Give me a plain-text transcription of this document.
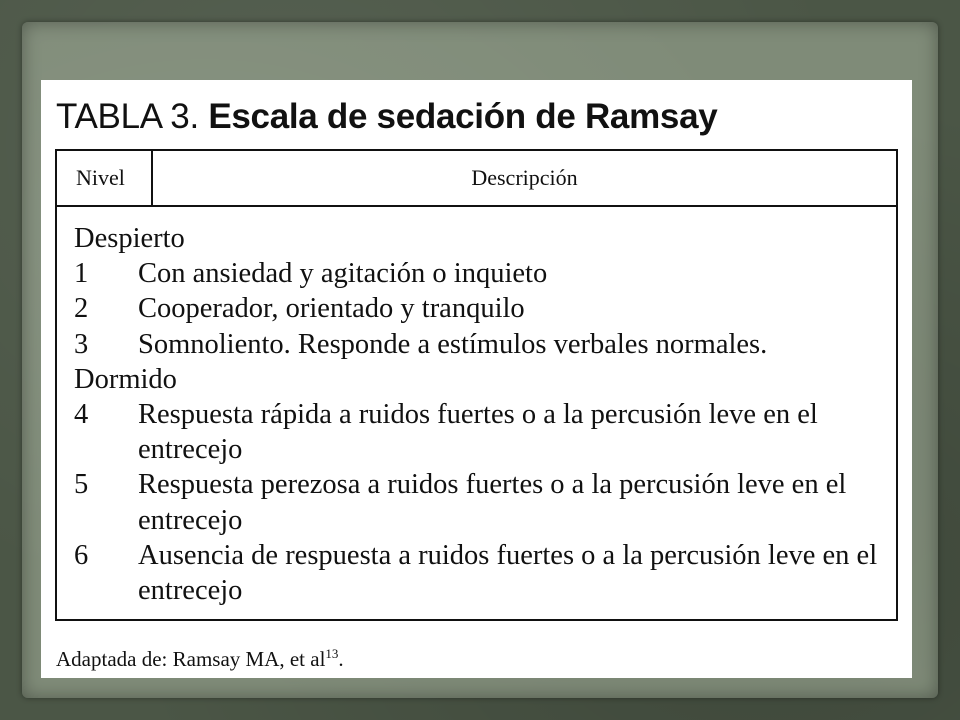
TABLA 3. Escala de sedación de Ramsay
Nivel	Descripción
Despierto
1	Con ansiedad y agitación o inquieto
2	Cooperador, orientado y tranquilo
3	Somnoliento. Responde a estímulos verbales normales.
Dormido
4	Respuesta rápida a ruidos fuertes o a la percusión leve en el entrecejo
5	Respuesta perezosa a ruidos fuertes o a la percusión leve en el entrecejo
6	Ausencia de respuesta a ruidos fuertes o a la percusión leve en el entrecejo
Adaptada de: Ramsay MA, et $al^{13}$.
